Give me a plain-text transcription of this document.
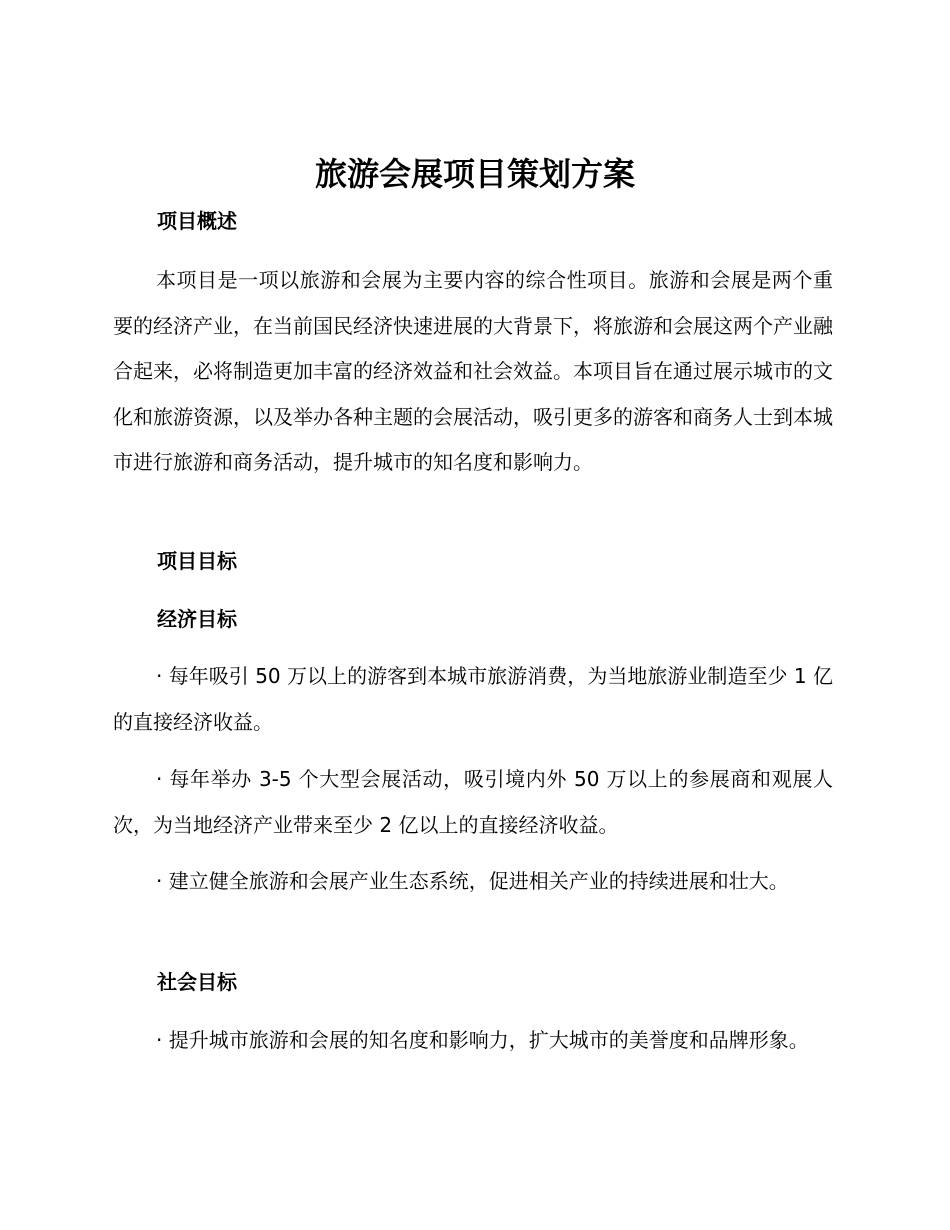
旅游会展项目策划方案
项目概述

本项目是一项以旅游和会展为主要内容的综合性项目。旅游和会展是两个重要的经济产业，在当前国民经济快速进展的大背景下，将旅游和会展这两个产业融合起来，必将制造更加丰富的经济效益和社会效益。本项目旨在通过展示城市的文化和旅游资源，以及举办各种主题的会展活动，吸引更多的游客和商务人士到本城市进行旅游和商务活动，提升城市的知名度和影响力。

项目目标
经济目标

· 每年吸引 50 万以上的游客到本城市旅游消费，为当地旅游业制造至少 1 亿的直接经济收益。

· 每年举办 3-5 个大型会展活动，吸引境内外 50 万以上的参展商和观展人次，为当地经济产业带来至少 2 亿以上的直接经济收益。

· 建立健全旅游和会展产业生态系统，促进相关产业的持续进展和壮大。

社会目标

· 提升城市旅游和会展的知名度和影响力，扩大城市的美誉度和品牌形象。
